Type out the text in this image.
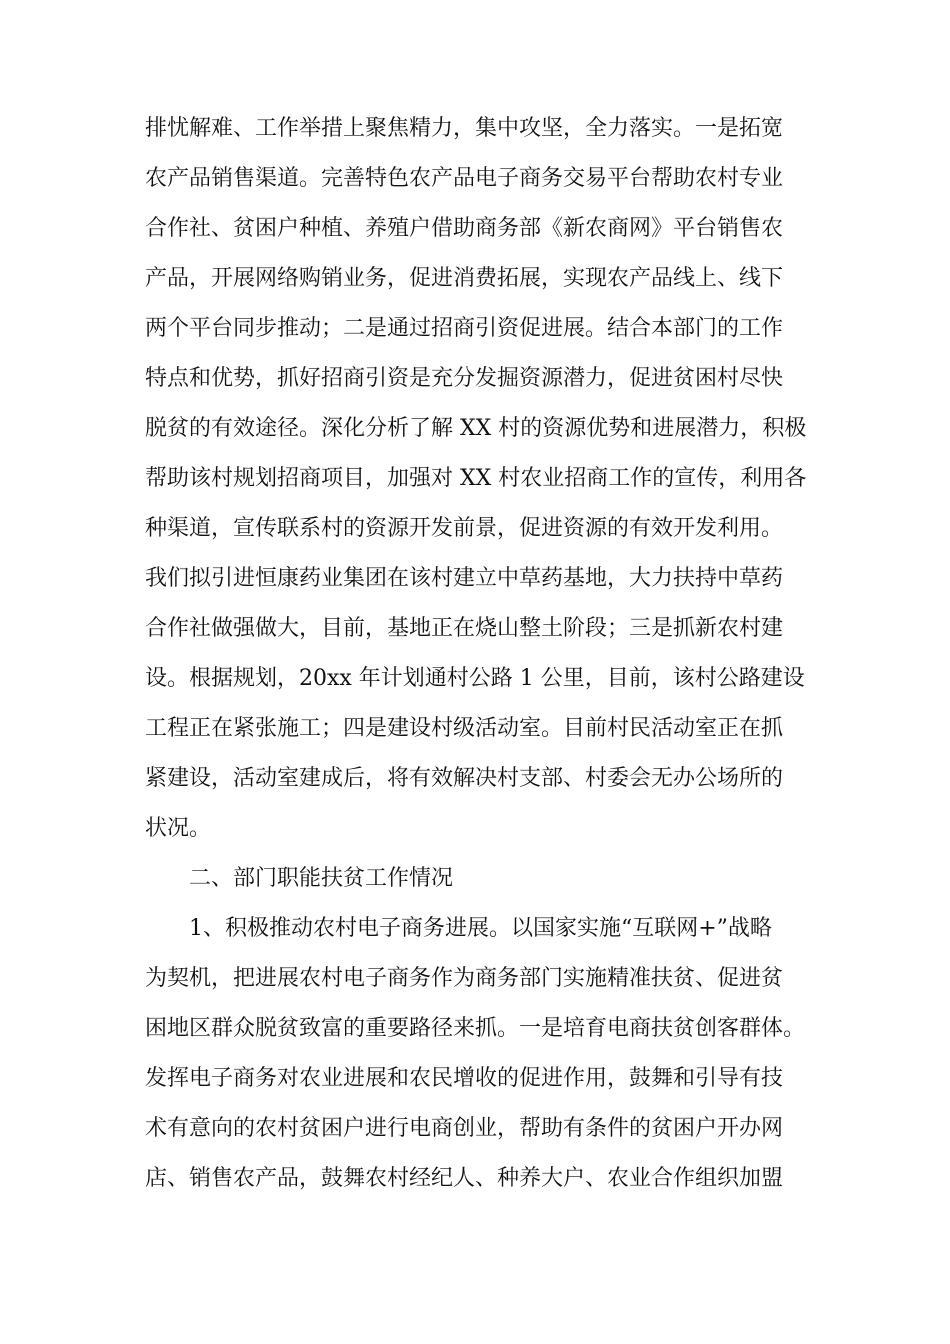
排忧解难、工作举措上聚焦精力，集中攻坚，全力落实。一是拓宽
农产品销售渠道。完善特色农产品电子商务交易平台帮助农村专业
合作社、贫困户种植、养殖户借助商务部《新农商网》平台销售农
产品，开展网络购销业务，促进消费拓展，实现农产品线上、线下
两个平台同步推动；二是通过招商引资促进展。结合本部门的工作
特点和优势，抓好招商引资是充分发掘资源潜力，促进贫困村尽快
脱贫的有效途径。深化分析了解 XX 村的资源优势和进展潜力，积极
帮助该村规划招商项目，加强对 XX 村农业招商工作的宣传，利用各
种渠道，宣传联系村的资源开发前景，促进资源的有效开发利用。
我们拟引进恒康药业集团在该村建立中草药基地，大力扶持中草药
合作社做强做大，目前，基地正在烧山整土阶段；三是抓新农村建
设。根据规划，20xx 年计划通村公路 1 公里，目前，该村公路建设
工程正在紧张施工；四是建设村级活动室。目前村民活动室正在抓
紧建设，活动室建成后，将有效解决村支部、村委会无办公场所的
状况。
二、部门职能扶贫工作情况
1、积极推动农村电子商务进展。以国家实施“互联网+”战略
为契机，把进展农村电子商务作为商务部门实施精准扶贫、促进贫
困地区群众脱贫致富的重要路径来抓。一是培育电商扶贫创客群体。
发挥电子商务对农业进展和农民增收的促进作用，鼓舞和引导有技
术有意向的农村贫困户进行电商创业，帮助有条件的贫困户开办网
店、销售农产品，鼓舞农村经纪人、种养大户、农业合作组织加盟
